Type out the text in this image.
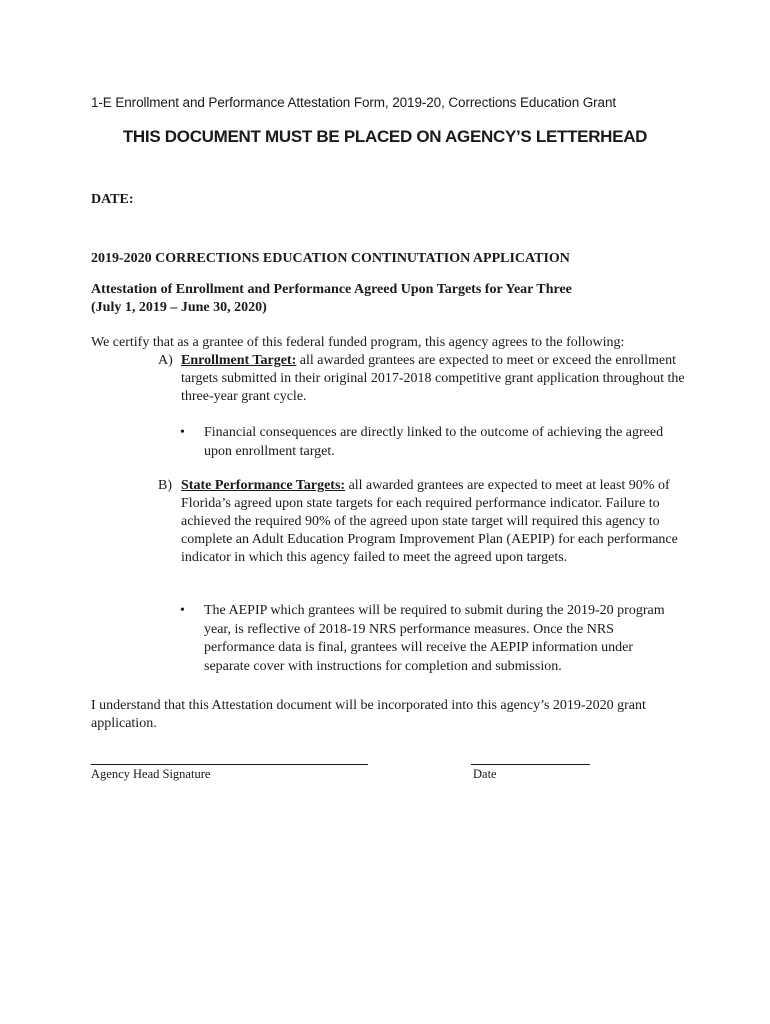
1-E Enrollment and Performance Attestation Form, 2019-20, Corrections Education Grant
THIS DOCUMENT MUST BE PLACED ON AGENCY’S LETTERHEAD
DATE:
2019-2020 CORRECTIONS EDUCATION CONTINUTATION APPLICATION
Attestation of Enrollment and Performance Agreed Upon Targets for Year Three
(July 1, 2019 – June 30, 2020)
We certify that as a grantee of this federal funded program, this agency agrees to the following:
A) Enrollment Target: all awarded grantees are expected to meet or exceed the enrollment targets submitted in their original 2017-2018 competitive grant application throughout the three-year grant cycle.
• Financial consequences are directly linked to the outcome of achieving the agreed upon enrollment target.
B) State Performance Targets: all awarded grantees are expected to meet at least 90% of Florida’s agreed upon state targets for each required performance indicator. Failure to achieved the required 90% of the agreed upon state target will required this agency to complete an Adult Education Program Improvement Plan (AEPIP) for each performance indicator in which this agency failed to meet the agreed upon targets.
• The AEPIP which grantees will be required to submit during the 2019-20 program year, is reflective of 2018-19 NRS performance measures. Once the NRS performance data is final, grantees will receive the AEPIP information under separate cover with instructions for completion and submission.
I understand that this Attestation document will be incorporated into this agency’s 2019-2020 grant application.
Agency Head Signature	Date
